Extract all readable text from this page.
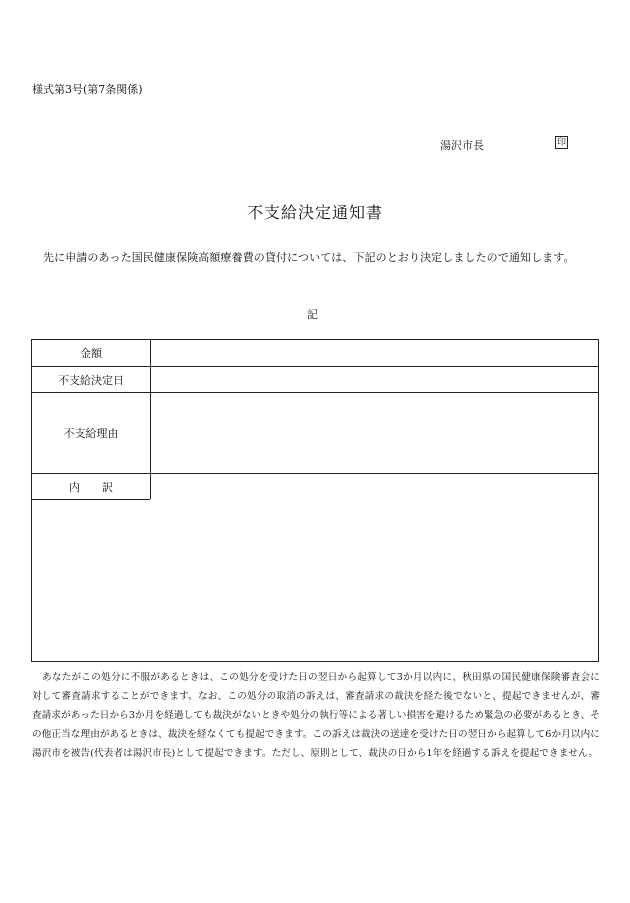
様式第3号(第7条関係)
湯沢市長	印
不支給決定通知書
先に申請のあった国民健康保険高額療養費の貸付については、下記のとおり決定しましたので通知します。
記
金額
不支給決定日
不支給理由
内　　訳
あなたがこの処分に不服があるときは、この処分を受けた日の翌日から起算して3か月以内に、秋田県の国民健康保険審査会に対して審査請求することができます。なお、この処分の取消の訴えは、審査請求の裁決を経た後でないと、提起できませんが、審査請求があった日から3か月を経過しても裁決がないときや処分の執行等による著しい損害を避けるため緊急の必要があるとき、その他正当な理由があるときは、裁決を経なくても提起できます。この訴えは裁決の送達を受けた日の翌日から起算して6か月以内に湯沢市を被告(代表者は湯沢市長)として提起できます。ただし、原則として、裁決の日から1年を経過する訴えを提起できません。
